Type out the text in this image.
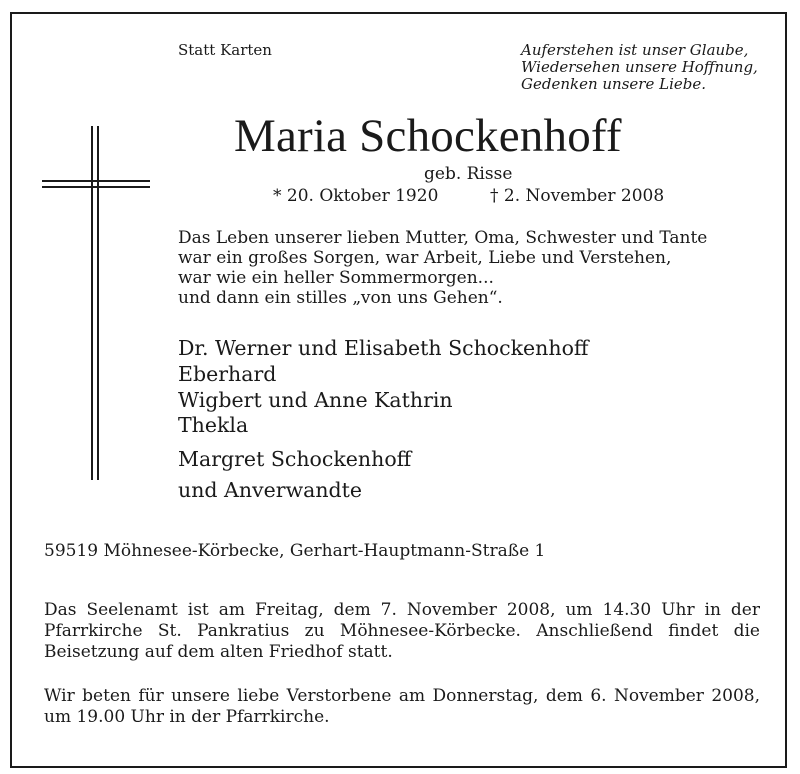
Statt Karten	Auferstehen ist unser Glaube,
Wiedersehen unsere Hoffnung,
Gedenken unsere Liebe.
Maria Schockenhoff
geb. Risse
* 20. Oktober 1920	† 2. November 2008
Das Leben unserer lieben Mutter, Oma, Schwester und Tante
war ein großes Sorgen, war Arbeit, Liebe und Verstehen,
war wie ein heller Sommermorgen...
und dann ein stilles „von uns Gehen“.
Dr. Werner und Elisabeth Schockenhoff
Eberhard
Wigbert und Anne Kathrin
Thekla
Margret Schockenhoff
und Anverwandte
59519 Möhnesee-Körbecke, Gerhart-Hauptmann-Straße 1
Das Seelenamt ist am Freitag, dem 7. November 2008, um 14.30 Uhr in der Pfarrkirche St. Pankratius zu Möhnesee-Körbecke. Anschließend findet die Beisetzung auf dem alten Friedhof statt.
Wir beten für unsere liebe Verstorbene am Donnerstag, dem 6. November 2008, um 19.00 Uhr in der Pfarrkirche.
